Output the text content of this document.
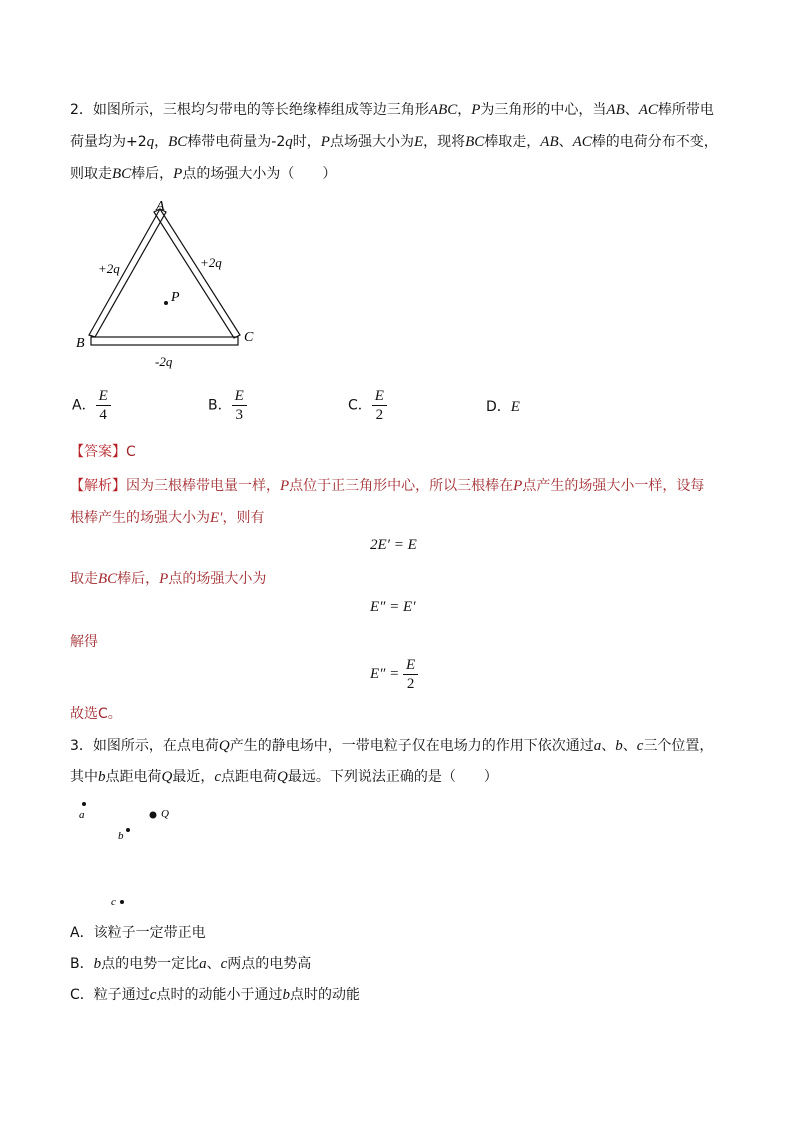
2．如图所示，三根均匀带电的等长绝缘棒组成等边三角形ABC，P为三角形的中心，当AB、AC棒所带电
荷量均为+2q，BC棒带电荷量为-2q时，P点场强大小为E，现将BC棒取走，AB、AC棒的电荷分布不变，
则取走BC棒后，P点的场强大小为（　　）
A
B	C
P
+2q	+2q
-2q
A． $\frac{E}{4}$	B． $\frac{E}{3}$	C． $\frac{E}{2}$	D．E
【答案】C
【解析】因为三根棒带电量一样，P点位于正三角形中心，所以三根棒在P点产生的场强大小一样，设每
根棒产生的场强大小为E′，则有
2E′ = E
取走BC棒后，P点的场强大小为
E″ = E′
解得
$E'' = \frac{E}{2}$
故选C。
3．如图所示，在点电荷Q产生的静电场中，一带电粒子仅在电场力的作用下依次通过a、b、c三个位置，
其中b点距电荷Q最近，c点距电荷Q最远。下列说法正确的是（　　）
a	Q
b
c
A．该粒子一定带正电
B．b点的电势一定比a、c两点的电势高
C．粒子通过c点时的动能小于通过b点时的动能
